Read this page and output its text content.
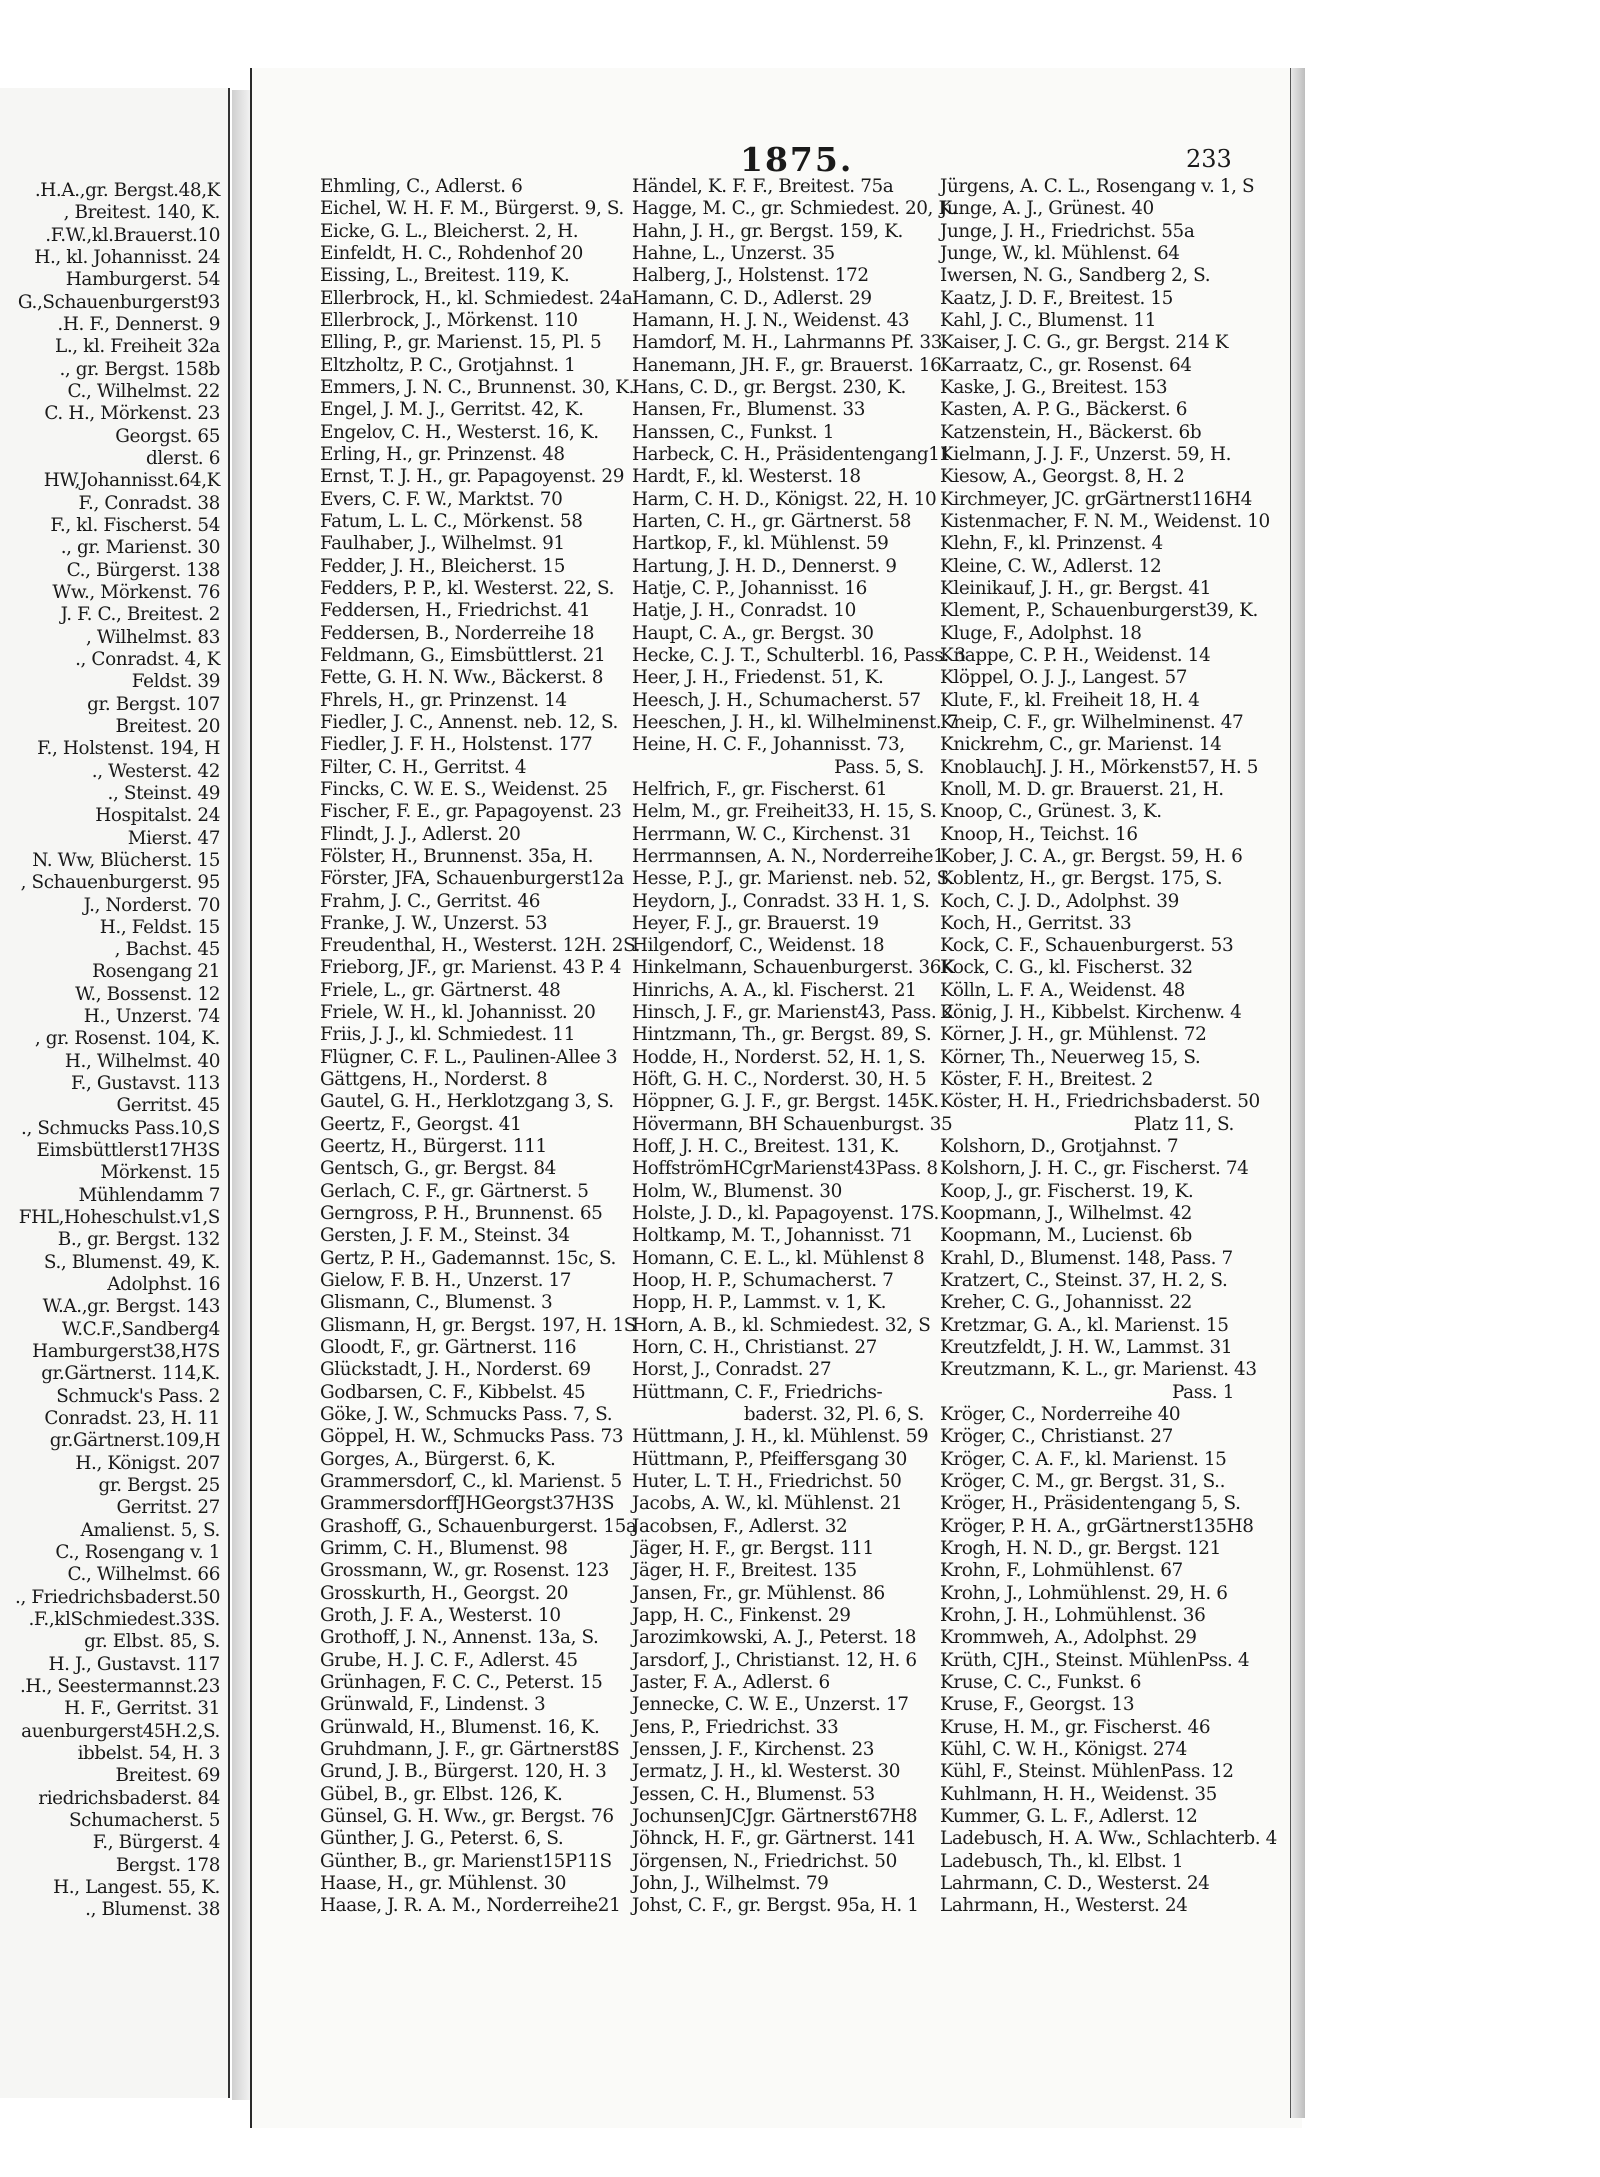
.H.A.,gr. Bergst.48,K
, Breitest. 140, K.
.F.W.,kl.Brauerst.10
H., kl. Johannisst. 24
Hamburgerst. 54
G.,Schauenburgerst93
.H. F., Dennerst. 9
L., kl. Freiheit 32a
., gr. Bergst. 158b
C., Wilhelmst. 22
C. H., Mörkenst. 23
Georgst. 65
dlerst. 6
HW,Johannisst.64,K
F., Conradst. 38
F., kl. Fischerst. 54
., gr. Marienst. 30
C., Bürgerst. 138
Ww., Mörkenst. 76
J. F. C., Breitest. 2
, Wilhelmst. 83
., Conradst. 4, K
Feldst. 39
gr. Bergst. 107
Breitest. 20
F., Holstenst. 194, H
., Westerst. 42
., Steinst. 49
Hospitalst. 24
Mierst. 47
N. Ww, Blücherst. 15
, Schauenburgerst. 95
J., Norderst. 70
H., Feldst. 15
, Bachst. 45
Rosengang 21
W., Bossenst. 12
H., Unzerst. 74
, gr. Rosenst. 104, K.
H., Wilhelmst. 40
F., Gustavst. 113
Gerritst. 45
., Schmucks Pass.10,S
Eimsbüttlerst17H3S
Mörkenst. 15
Mühlendamm 7
FHL,Hoheschulst.v1,S
B., gr. Bergst. 132
S., Blumenst. 49, K.
Adolphst. 16
W.A.,gr. Bergst. 143
W.C.F.,Sandberg4
Hamburgerst38,H7S
gr.Gärtnerst. 114,K.
Schmuck's Pass. 2
Conradst. 23, H. 11
gr.Gärtnerst.109,H
H., Königst. 207
gr. Bergst. 25
Gerritst. 27
Amalienst. 5, S.
C., Rosengang v. 1
C., Wilhelmst. 66
., Friedrichsbaderst.50
.F.,klSchmiedest.33S.
gr. Elbst. 85, S.
H. J., Gustavst. 117
.H., Seestermannst.23
H. F., Gerritst. 31
auenburgerst45H.2,S.
ibbelst. 54, H. 3
Breitest. 69
riedrichsbaderst. 84
Schumacherst. 5
F., Bürgerst. 4
Bergst. 178
H., Langest. 55, K.
., Blumenst. 38
1875.	233
Ehmling, C., Adlerst. 6
Eichel, W. H. F. M., Bürgerst. 9, S.
Eicke, G. L., Bleicherst. 2, H.
Einfeldt, H. C., Rohdenhof 20
Eissing, L., Breitest. 119, K.
Ellerbrock, H., kl. Schmiedest. 24a
Ellerbrock, J., Mörkenst. 110
Elling, P., gr. Marienst. 15, Pl. 5
Eltzholtz, P. C., Grotjahnst. 1
Emmers, J. N. C., Brunnenst. 30, K.
Engel, J. M. J., Gerritst. 42, K.
Engelov, C. H., Westerst. 16, K.
Erling, H., gr. Prinzenst. 48
Ernst, T. J. H., gr. Papagoyenst. 29
Evers, C. F. W., Marktst. 70
Fatum, L. L. C., Mörkenst. 58
Faulhaber, J., Wilhelmst. 91
Fedder, J. H., Bleicherst. 15
Fedders, P. P., kl. Westerst. 22, S.
Feddersen, H., Friedrichst. 41
Feddersen, B., Norderreihe 18
Feldmann, G., Eimsbüttlerst. 21
Fette, G. H. N. Ww., Bäckerst. 8
Fhrels, H., gr. Prinzenst. 14
Fiedler, J. C., Annenst. neb. 12, S.
Fiedler, J. F. H., Holstenst. 177
Filter, C. H., Gerritst. 4
Fincks, C. W. E. S., Weidenst. 25
Fischer, F. E., gr. Papagoyenst. 23
Flindt, J. J., Adlerst. 20
Fölster, H., Brunnenst. 35a, H.
Förster, JFA, Schauenburgerst12a
Frahm, J. C., Gerritst. 46
Franke, J. W., Unzerst. 53
Freudenthal, H., Westerst. 12H. 2S.
Frieborg, JF., gr. Marienst. 43 P. 4
Friele, L., gr. Gärtnerst. 48
Friele, W. H., kl. Johannisst. 20
Friis, J. J., kl. Schmiedest. 11
Flügner, C. F. L., Paulinen-Allee 3
Gättgens, H., Norderst. 8
Gautel, G. H., Herklotzgang 3, S.
Geertz, F., Georgst. 41
Geertz, H., Bürgerst. 111
Gentsch, G., gr. Bergst. 84
Gerlach, C. F., gr. Gärtnerst. 5
Gerngross, P. H., Brunnenst. 65
Gersten, J. F. M., Steinst. 34
Gertz, P. H., Gademannst. 15c, S.
Gielow, F. B. H., Unzerst. 17
Glismann, C., Blumenst. 3
Glismann, H, gr. Bergst. 197, H. 1S
Gloodt, F., gr. Gärtnerst. 116
Glückstadt, J. H., Norderst. 69
Godbarsen, C. F., Kibbelst. 45
Göke, J. W., Schmucks Pass. 7, S.
Göppel, H. W., Schmucks Pass. 73
Gorges, A., Bürgerst. 6, K.
Grammersdorf, C., kl. Marienst. 5
GrammersdorffJHGeorgst37H3S
Grashoff, G., Schauenburgerst. 15a
Grimm, C. H., Blumenst. 98
Grossmann, W., gr. Rosenst. 123
Grosskurth, H., Georgst. 20
Groth, J. F. A., Westerst. 10
Grothoff, J. N., Annenst. 13a, S.
Grube, H. J. C. F., Adlerst. 45
Grünhagen, F. C. C., Peterst. 15
Grünwald, F., Lindenst. 3
Grünwald, H., Blumenst. 16, K.
Gruhdmann, J. F., gr. Gärtnerst8S
Grund, J. B., Bürgerst. 120, H. 3
Gübel, B., gr. Elbst. 126, K.
Günsel, G. H. Ww., gr. Bergst. 76
Günther, J. G., Peterst. 6, S.
Günther, B., gr. Marienst15P11S
Haase, H., gr. Mühlenst. 30
Haase, J. R. A. M., Norderreihe21
Händel, K. F. F., Breitest. 75a
Hagge, M. C., gr. Schmiedest. 20, K.
Hahn, J. H., gr. Bergst. 159, K.
Hahne, L., Unzerst. 35
Halberg, J., Holstenst. 172
Hamann, C. D., Adlerst. 29
Hamann, H. J. N., Weidenst. 43
Hamdorf, M. H., Lahrmanns Pf. 33
Hanemann, JH. F., gr. Brauerst. 16
Hans, C. D., gr. Bergst. 230, K.
Hansen, Fr., Blumenst. 33
Hanssen, C., Funkst. 1
Harbeck, C. H., Präsidentengang11
Hardt, F., kl. Westerst. 18
Harm, C. H. D., Königst. 22, H. 10
Harten, C. H., gr. Gärtnerst. 58
Hartkop, F., kl. Mühlenst. 59
Hartung, J. H. D., Dennerst. 9
Hatje, C. P., Johannisst. 16
Hatje, J. H., Conradst. 10
Haupt, C. A., gr. Bergst. 30
Hecke, C. J. T., Schulterbl. 16, Pass. 3
Heer, J. H., Friedenst. 51, K.
Heesch, J. H., Schumacherst. 57
Heeschen, J. H., kl. Wilhelminenst. 7
Heine, H. C. F., Johannisst. 73,
Pass. 5, S.
Helfrich, F., gr. Fischerst. 61
Helm, M., gr. Freiheit33, H. 15, S.
Herrmann, W. C., Kirchenst. 31
Herrmannsen, A. N., Norderreihe1
Hesse, P. J., gr. Marienst. neb. 52, S.
Heydorn, J., Conradst. 33 H. 1, S.
Heyer, F. J., gr. Brauerst. 19
Hilgendorf, C., Weidenst. 18
Hinkelmann, Schauenburgerst. 36K
Hinrichs, A. A., kl. Fischerst. 21
Hinsch, J. F., gr. Marienst43, Pass. 2
Hintzmann, Th., gr. Bergst. 89, S.
Hodde, H., Norderst. 52, H. 1, S.
Höft, G. H. C., Norderst. 30, H. 5
Höppner, G. J. F., gr. Bergst. 145K.
Hövermann, BH Schauenburgst. 35
Hoff, J. H. C., Breitest. 131, K.
HoffströmHCgrMarienst43Pass. 8
Holm, W., Blumenst. 30
Holste, J. D., kl. Papagoyenst. 17S.
Holtkamp, M. T., Johannisst. 71
Homann, C. E. L., kl. Mühlenst 8
Hoop, H. P., Schumacherst. 7
Hopp, H. P., Lammst. v. 1, K.
Horn, A. B., kl. Schmiedest. 32, S
Horn, C. H., Christianst. 27
Horst, J., Conradst. 27
Hüttmann, C. F., Friedrichs-
baderst. 32, Pl. 6, S.
Hüttmann, J. H., kl. Mühlenst. 59
Hüttmann, P., Pfeiffersgang 30
Huter, L. T. H., Friedrichst. 50
Jacobs, A. W., kl. Mühlenst. 21
Jacobsen, F., Adlerst. 32
Jäger, H. F., gr. Bergst. 111
Jäger, H. F., Breitest. 135
Jansen, Fr., gr. Mühlenst. 86
Japp, H. C., Finkenst. 29
Jarozimkowski, A. J., Peterst. 18
Jarsdorf, J., Christianst. 12, H. 6
Jaster, F. A., Adlerst. 6
Jennecke, C. W. E., Unzerst. 17
Jens, P., Friedrichst. 33
Jenssen, J. F., Kirchenst. 23
Jermatz, J. H., kl. Westerst. 30
Jessen, C. H., Blumenst. 53
JochunsenJCJgr. Gärtnerst67H8
Jöhnck, H. F., gr. Gärtnerst. 141
Jörgensen, N., Friedrichst. 50
John, J., Wilhelmst. 79
Johst, C. F., gr. Bergst. 95a, H. 1
Jürgens, A. C. L., Rosengang v. 1, S
Junge, A. J., Grünest. 40
Junge, J. H., Friedrichst. 55a
Junge, W., kl. Mühlenst. 64
Iwersen, N. G., Sandberg 2, S.
Kaatz, J. D. F., Breitest. 15
Kahl, J. C., Blumenst. 11
Kaiser, J. C. G., gr. Bergst. 214 K
Karraatz, C., gr. Rosenst. 64
Kaske, J. G., Breitest. 153
Kasten, A. P. G., Bäckerst. 6
Katzenstein, H., Bäckerst. 6b
Kielmann, J. J. F., Unzerst. 59, H.
Kiesow, A., Georgst. 8, H. 2
Kirchmeyer, JC. grGärtnerst116H4
Kistenmacher, F. N. M., Weidenst. 10
Klehn, F., kl. Prinzenst. 4
Kleine, C. W., Adlerst. 12
Kleinikauf, J. H., gr. Bergst. 41
Klement, P., Schauenburgerst39, K.
Kluge, F., Adolphst. 18
Knappe, C. P. H., Weidenst. 14
Klöppel, O. J. J., Langest. 57
Klute, F., kl. Freiheit 18, H. 4
Kneip, C. F., gr. Wilhelminenst. 47
Knickrehm, C., gr. Marienst. 14
KnoblauchJ. J. H., Mörkenst57, H. 5
Knoll, M. D. gr. Brauerst. 21, H.
Knoop, C., Grünest. 3, K.
Knoop, H., Teichst. 16
Kober, J. C. A., gr. Bergst. 59, H. 6
Koblentz, H., gr. Bergst. 175, S.
Koch, C. J. D., Adolphst. 39
Koch, H., Gerritst. 33
Kock, C. F., Schauenburgerst. 53
Kock, C. G., kl. Fischerst. 32
Kölln, L. F. A., Weidenst. 48
König, J. H., Kibbelst. Kirchenw. 4
Körner, J. H., gr. Mühlenst. 72
Körner, Th., Neuerweg 15, S.
Köster, F. H., Breitest. 2
Köster, H. H., Friedrichsbaderst. 50
Platz 11, S.
Kolshorn, D., Grotjahnst. 7
Kolshorn, J. H. C., gr. Fischerst. 74
Koop, J., gr. Fischerst. 19, K.
Koopmann, J., Wilhelmst. 42
Koopmann, M., Lucienst. 6b
Krahl, D., Blumenst. 148, Pass. 7
Kratzert, C., Steinst. 37, H. 2, S.
Kreher, C. G., Johannisst. 22
Kretzmar, G. A., kl. Marienst. 15
Kreutzfeldt, J. H. W., Lammst. 31
Kreutzmann, K. L., gr. Marienst. 43
Pass. 1
Kröger, C., Norderreihe 40
Kröger, C., Christianst. 27
Kröger, C. A. F., kl. Marienst. 15
Kröger, C. M., gr. Bergst. 31, S..
Kröger, H., Präsidentengang 5, S.
Kröger, P. H. A., grGärtnerst135H8
Krogh, H. N. D., gr. Bergst. 121
Krohn, F., Lohmühlenst. 67
Krohn, J., Lohmühlenst. 29, H. 6
Krohn, J. H., Lohmühlenst. 36
Krommweh, A., Adolphst. 29
Krüth, CJH., Steinst. MühlenPss. 4
Kruse, C. C., Funkst. 6
Kruse, F., Georgst. 13
Kruse, H. M., gr. Fischerst. 46
Kühl, C. W. H., Königst. 274
Kühl, F., Steinst. MühlenPass. 12
Kuhlmann, H. H., Weidenst. 35
Kummer, G. L. F., Adlerst. 12
Ladebusch, H. A. Ww., Schlachterb. 4
Ladebusch, Th., kl. Elbst. 1
Lahrmann, C. D., Westerst. 24
Lahrmann, H., Westerst. 24
